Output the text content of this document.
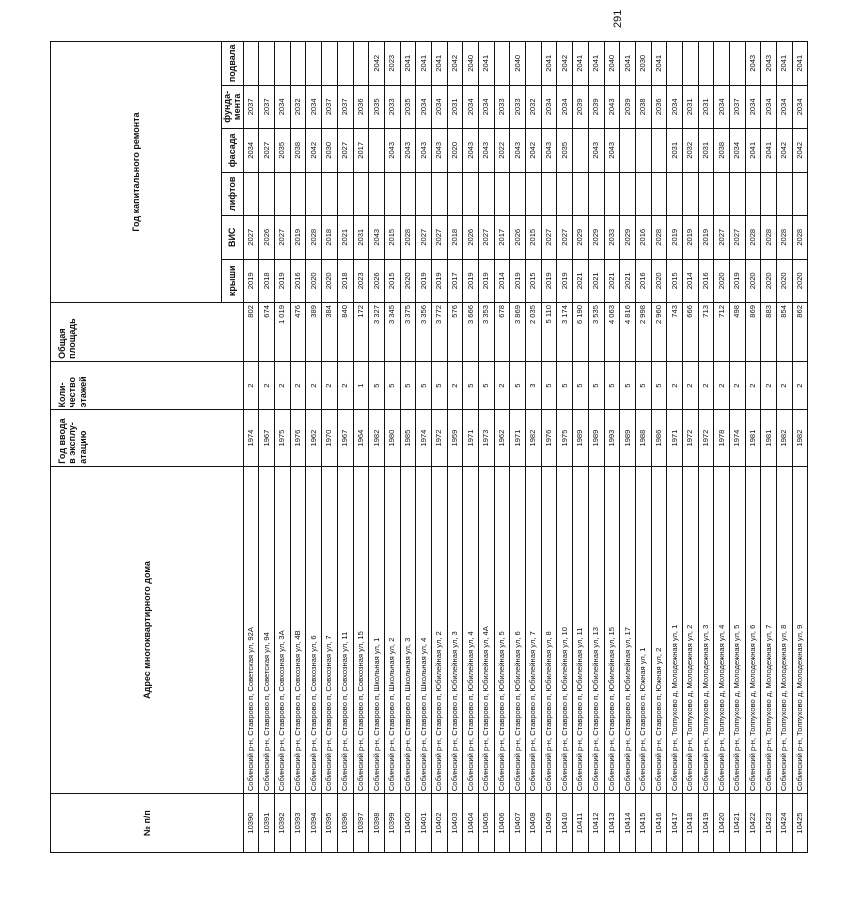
291
№ п/п	Адрес многоквартирного дома	Год ввода в эксплу-атацию	Коли-чество этажей	Общая площадь	Год капитального ремонта					
					крыши	ВИС	лифтов	фасада	фунда-мента	подвала
10390	Собинский р-н, Ставрово п, Советская ул, 92А	1974	2	802	2019	2027		2034	2037	
10391	Собинский р-н, Ставрово п, Советская ул, 94	1967	2	674	2018	2026		2027	2037	
10392	Собинский р-н, Ставрово п, Совхозная ул, 3А	1975	2	1 019	2019	2027		2035	2034	
10393	Собинский р-н, Ставрово п, Совхозная ул, 4В	1976	2	476	2016	2019		2038	2032	
10394	Собинский р-н, Ставрово п, Совхозная ул, 6	1962	2	389	2020	2028		2042	2034	
10395	Собинский р-н, Ставрово п, Совхозная ул, 7	1970	2	384	2020	2018		2030	2037	
10396	Собинский р-н, Ставрово п, Совхозная ул, 11	1967	2	840	2018	2021		2027	2037	
10397	Собинский р-н, Ставрово п, Совхозная ул, 15	1964	1	172	2023	2031		2017	2036	
10398	Собинский р-н, Ставрово п, Школьная ул, 1	1982	5	3 327	2026	2043			2035	2042
10399	Собинский р-н, Ставрово п, Школьная ул, 2	1980	5	3 345	2015	2015		2043	2033	2023
10400	Собинский р-н, Ставрово п, Школьная ул, 3	1985	5	3 375	2020	2028		2043	2035	2041
10401	Собинский р-н, Ставрово п, Школьная ул, 4	1974	5	3 356	2019	2027		2043	2034	2041
10402	Собинский р-н, Ставрово п, Юбилейная ул, 2	1972	5	3 772	2019	2027		2043	2034	2041
10403	Собинский р-н, Ставрово п, Юбилейная ул, 3	1959	2	576	2017	2018		2020	2031	2042
10404	Собинский р-н, Ставрово п, Юбилейная ул, 4	1971	5	3 666	2019	2026		2043	2034	2040
10405	Собинский р-н, Ставрово п, Юбилейная ул, 4А	1973	5	3 353	2019	2027		2043	2034	2041
10406	Собинский р-н, Ставрово п, Юбилейная ул, 5	1962	2	678	2014	2017		2022	2033	
10407	Собинский р-н, Ставрово п, Юбилейная ул, 6	1971	5	3 869	2019	2026		2043	2033	2040
10408	Собинский р-н, Ставрово п, Юбилейная ул, 7	1982	3	2 035	2015	2015		2042	2032	
10409	Собинский р-н, Ставрово п, Юбилейная ул, 8	1976	5	5 110	2019	2027		2043	2034	2041
10410	Собинский р-н, Ставрово п, Юбилейная ул, 10	1975	5	3 174	2019	2027		2035	2034	2042
10411	Собинский р-н, Ставрово п, Юбилейная ул, 11	1989	5	6 190	2021	2029			2039	2041
10412	Собинский р-н, Ставрово п, Юбилейная ул, 13	1989	5	3 535	2021	2029		2043	2039	2041
10413	Собинский р-н, Ставрово п, Юбилейная ул, 15	1993	5	4 063	2021	2033		2043	2043	2040
10414	Собинский р-н, Ставрово п, Юбилейная ул, 17	1989	5	4 816	2021	2029			2039	2041
10415	Собинский р-н, Ставрово п, Южная ул, 1	1988	5	2 998	2016	2016			2038	2030
10416	Собинский р-н, Ставрово п, Южная ул, 2	1986	5	2 960	2020	2028			2036	2041
10417	Собинский р-н, Толпухово д, Молодежная ул, 1	1971	2	743	2015	2019		2031	2034	
10418	Собинский р-н, Толпухово д, Молодежная ул, 2	1972	2	666	2014	2019		2032	2031	
10419	Собинский р-н, Толпухово д, Молодежная ул, 3	1972	2	713	2016	2019		2031	2031	
10420	Собинский р-н, Толпухово д, Молодежная ул, 4	1978	2	712	2020	2027		2038	2034	
10421	Собинский р-н, Толпухово д, Молодежная ул, 5	1974	2	498	2019	2027		2034	2037	
10422	Собинский р-н, Толпухово д, Молодежная ул, 6	1981	2	869	2020	2028		2041	2034	2043
10423	Собинский р-н, Толпухово д, Молодежная ул, 7	1981	2	883	2020	2028		2041	2034	2043
10424	Собинский р-н, Толпухово д, Молодежная ул, 8	1982	2	854	2020	2028		2042	2034	2041
10425	Собинский р-н, Толпухово д, Молодежная ул, 9	1982	2	862	2020	2028		2042	2034	2041
